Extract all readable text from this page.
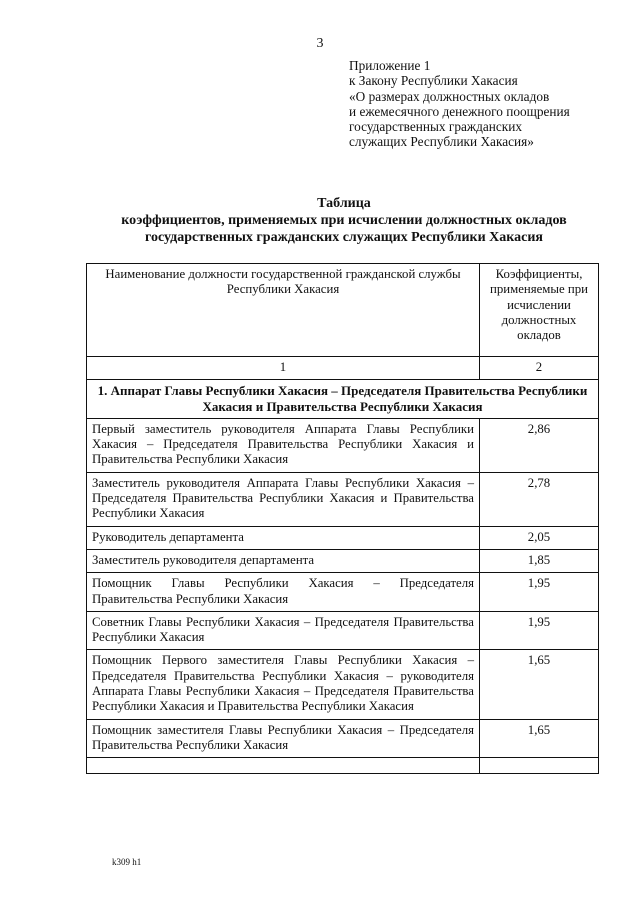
3
Приложение 1
к Закону Республики Хакасия
«О размерах должностных окладов
и ежемесячного денежного поощрения
государственных гражданских
служащих Республики Хакасия»
Таблица
коэффициентов, применяемых при исчислении должностных окладов
государственных гражданских служащих Республики Хакасия
Наименование должности государственной гражданской службы Республики Хакасия	Коэффициенты, применяемые при исчислении должностных окладов
1	2
1. Аппарат Главы Республики Хакасия – Председателя Правительства Республики Хакасия и Правительства Республики Хакасия	
Первый заместитель руководителя Аппарата Главы Республики Хакасия – Председателя Правительства Республики Хакасия и Правительства Республики Хакасия	2,86
Заместитель руководителя Аппарата Главы Республики Хакасия – Председателя Правительства Республики Хакасия и Правительства Республики Хакасия	2,78
Руководитель департамента	2,05
Заместитель руководителя департамента	1,85
Помощник Главы Республики Хакасия – Председателя Правительства Республики Хакасия	1,95
Советник Главы Республики Хакасия – Председателя Правительства Республики Хакасия	1,95
Помощник Первого заместителя Главы Республики Хакасия – Председателя Правительства Республики Хакасия – руководителя Аппарата Главы Республики Хакасия – Председателя Правительства Республики Хакасия и Правительства Республики Хакасия	1,65
Помощник заместителя Главы Республики Хакасия – Председателя Правительства Республики Хакасия	1,65

k309 h1
